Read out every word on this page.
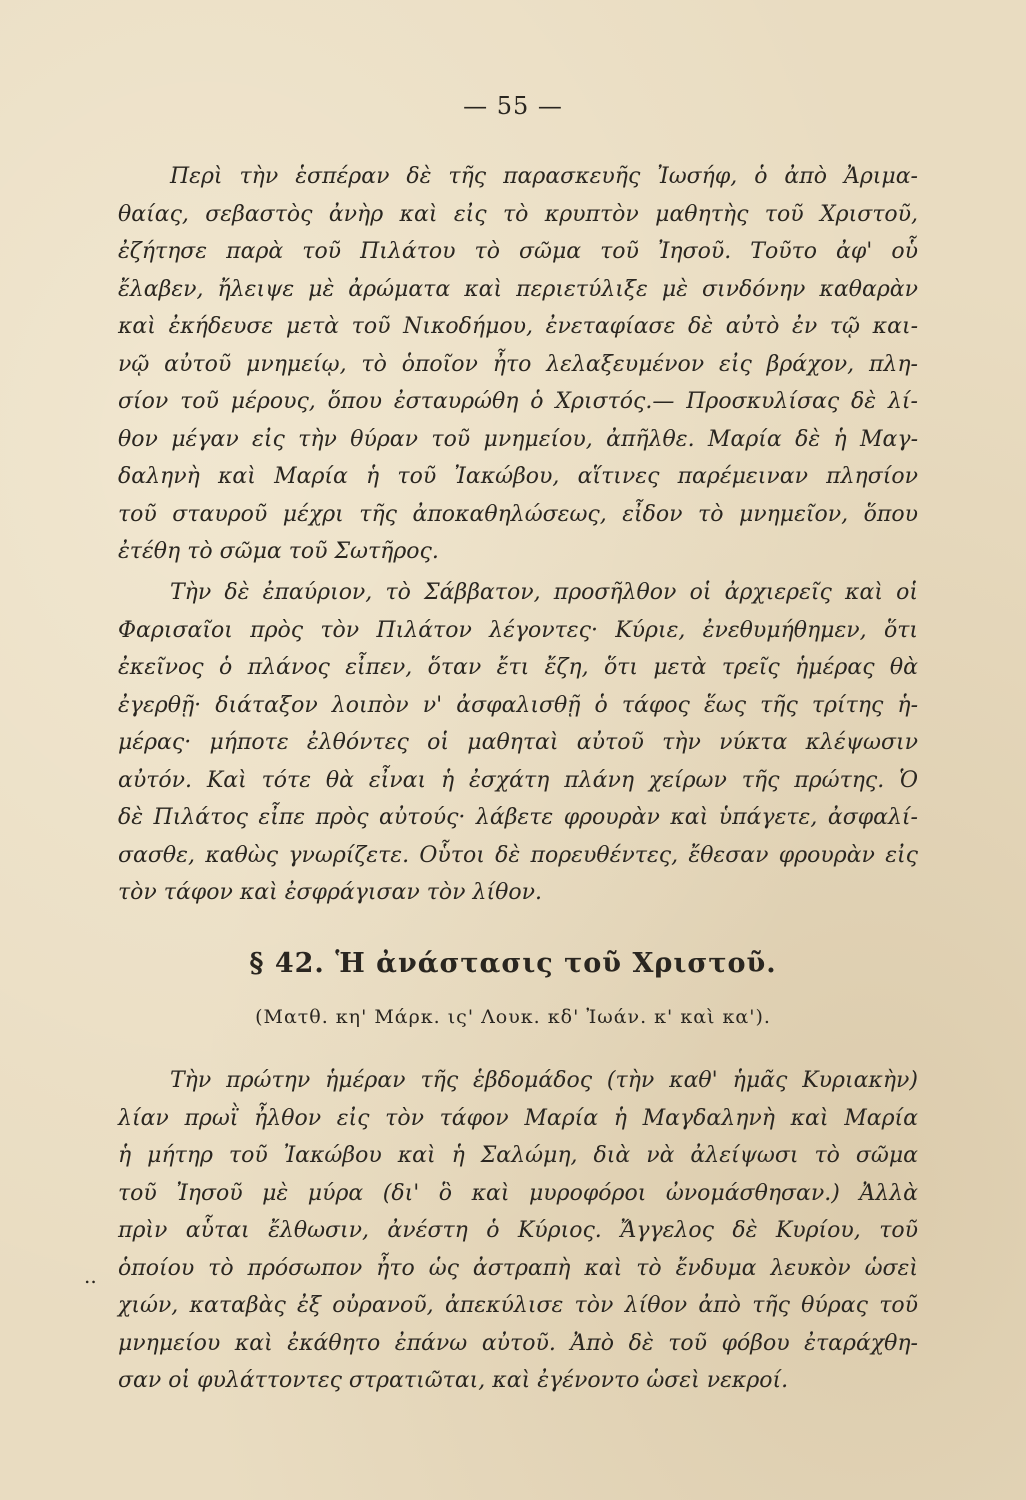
— 55 —
Περὶ τὴν ἑσπέραν δὲ τῆς παρασκευῆς Ἰωσήφ, ὁ ἀπὸ Ἀριμα-
θαίας, σεβαστὸς ἀνὴρ καὶ εἰς τὸ κρυπτὸν μαθητὴς τοῦ Χριστοῦ,
ἐζήτησε παρὰ τοῦ Πιλάτου τὸ σῶμα τοῦ Ἰησοῦ. Τοῦτο ἀφ' οὗ
ἔλαβεν, ἤλειψε μὲ ἀρώματα καὶ περιετύλιξε μὲ σινδόνην καθαρὰν
καὶ ἐκήδευσε μετὰ τοῦ Νικοδήμου, ἐνεταφίασε δὲ αὐτὸ ἐν τῷ και-
νῷ αὐτοῦ μνημείῳ, τὸ ὁποῖον ἦτο λελαξευμένον εἰς βράχον, πλη-
σίον τοῦ μέρους, ὅπου ἐσταυρώθη ὁ Χριστός.— Προσκυλίσας δὲ λί-
θον μέγαν εἰς τὴν θύραν τοῦ μνημείου, ἀπῆλθε. Μαρία δὲ ἡ Μαγ-
δαληνὴ καὶ Μαρία ἡ τοῦ Ἰακώβου, αἵτινες παρέμειναν πλησίον
τοῦ σταυροῦ μέχρι τῆς ἀποκαθηλώσεως, εἶδον τὸ μνημεῖον, ὅπου
ἐτέθη τὸ σῶμα τοῦ Σωτῆρος.
Τὴν δὲ ἐπαύριον, τὸ Σάββατον, προσῆλθον οἱ ἀρχιερεῖς καὶ οἱ
Φαρισαῖοι πρὸς τὸν Πιλάτον λέγοντες· Κύριε, ἐνεθυμήθημεν, ὅτι
ἐκεῖνος ὁ πλάνος εἶπεν, ὅταν ἔτι ἔζη, ὅτι μετὰ τρεῖς ἡμέρας θὰ
ἐγερθῇ· διάταξον λοιπὸν ν' ἀσφαλισθῇ ὁ τάφος ἕως τῆς τρίτης ἡ-
μέρας· μήποτε ἐλθόντες οἱ μαθηταὶ αὐτοῦ τὴν νύκτα κλέψωσιν
αὐτόν. Καὶ τότε θὰ εἶναι ἡ ἐσχάτη πλάνη χείρων τῆς πρώτης. Ὁ
δὲ Πιλάτος εἶπε πρὸς αὐτούς· λάβετε φρουρὰν καὶ ὑπάγετε, ἀσφαλί-
σασθε, καθὼς γνωρίζετε. Οὗτοι δὲ πορευθέντες, ἔθεσαν φρουρὰν εἰς
τὸν τάφον καὶ ἐσφράγισαν τὸν λίθον.
§ 42. Ἡ ἀνάστασις τοῦ Χριστοῦ.
(Ματθ. κη' Μάρκ. ις' Λουκ. κδ' Ἰωάν. κ' καὶ κα').
Τὴν πρώτην ἡμέραν τῆς ἑβδομάδος (τὴν καθ' ἡμᾶς Κυριακὴν)
λίαν πρωῒ ἦλθον εἰς τὸν τάφον Μαρία ἡ Μαγδαληνὴ καὶ Μαρία
ἡ μήτηρ τοῦ Ἰακώβου καὶ ἡ Σαλώμη, διὰ νὰ ἀλείψωσι τὸ σῶμα
τοῦ Ἰησοῦ μὲ μύρα (δι' ὃ καὶ μυροφόροι ὠνομάσθησαν.) Ἀλλὰ
πρὶν αὗται ἔλθωσιν, ἀνέστη ὁ Κύριος. Ἄγγελος δὲ Κυρίου, τοῦ
ὁποίου τὸ πρόσωπον ἦτο ὡς ἀστραπὴ καὶ τὸ ἔνδυμα λευκὸν ὡσεὶ
χιών, καταβὰς ἐξ οὐρανοῦ, ἀπεκύλισε τὸν λίθον ἀπὸ τῆς θύρας τοῦ
μνημείου καὶ ἐκάθητο ἐπάνω αὐτοῦ. Ἀπὸ δὲ τοῦ φόβου ἐταράχθη-
σαν οἱ φυλάττοντες στρατιῶται, καὶ ἐγένοντο ὡσεὶ νεκροί.
..
